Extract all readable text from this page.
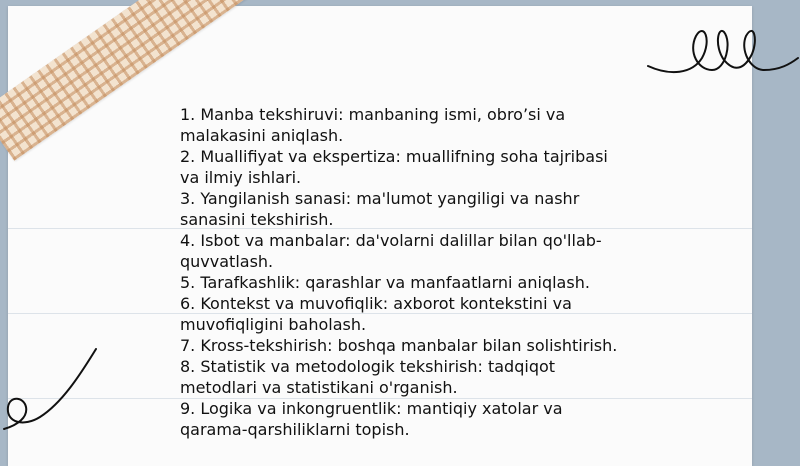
1. Manba tekshiruvi: manbaning ismi, obro’si va malakasini aniqlash.

2. Muallifiyat va ekspertiza: muallifning soha tajribasi va ilmiy ishlari.

3. Yangilanish sanasi: ma'lumot yangiligi va nashr sanasini tekshirish.

4. Isbot va manbalar: da'volarni dalillar bilan qo'llab-quvvatlash.

5. Tarafkashlik: qarashlar va manfaatlarni aniqlash.

6. Kontekst va muvofiqlik: axborot kontekstini va muvofiqligini baholash.

7. Kross-tekshirish: boshqa manbalar bilan solishtirish.

8. Statistik va metodologik tekshirish: tadqiqot metodlari va statistikani o'rganish.

9. Logika va inkongruentlik: mantiqiy xatolar va qarama-qarshiliklarni topish.
